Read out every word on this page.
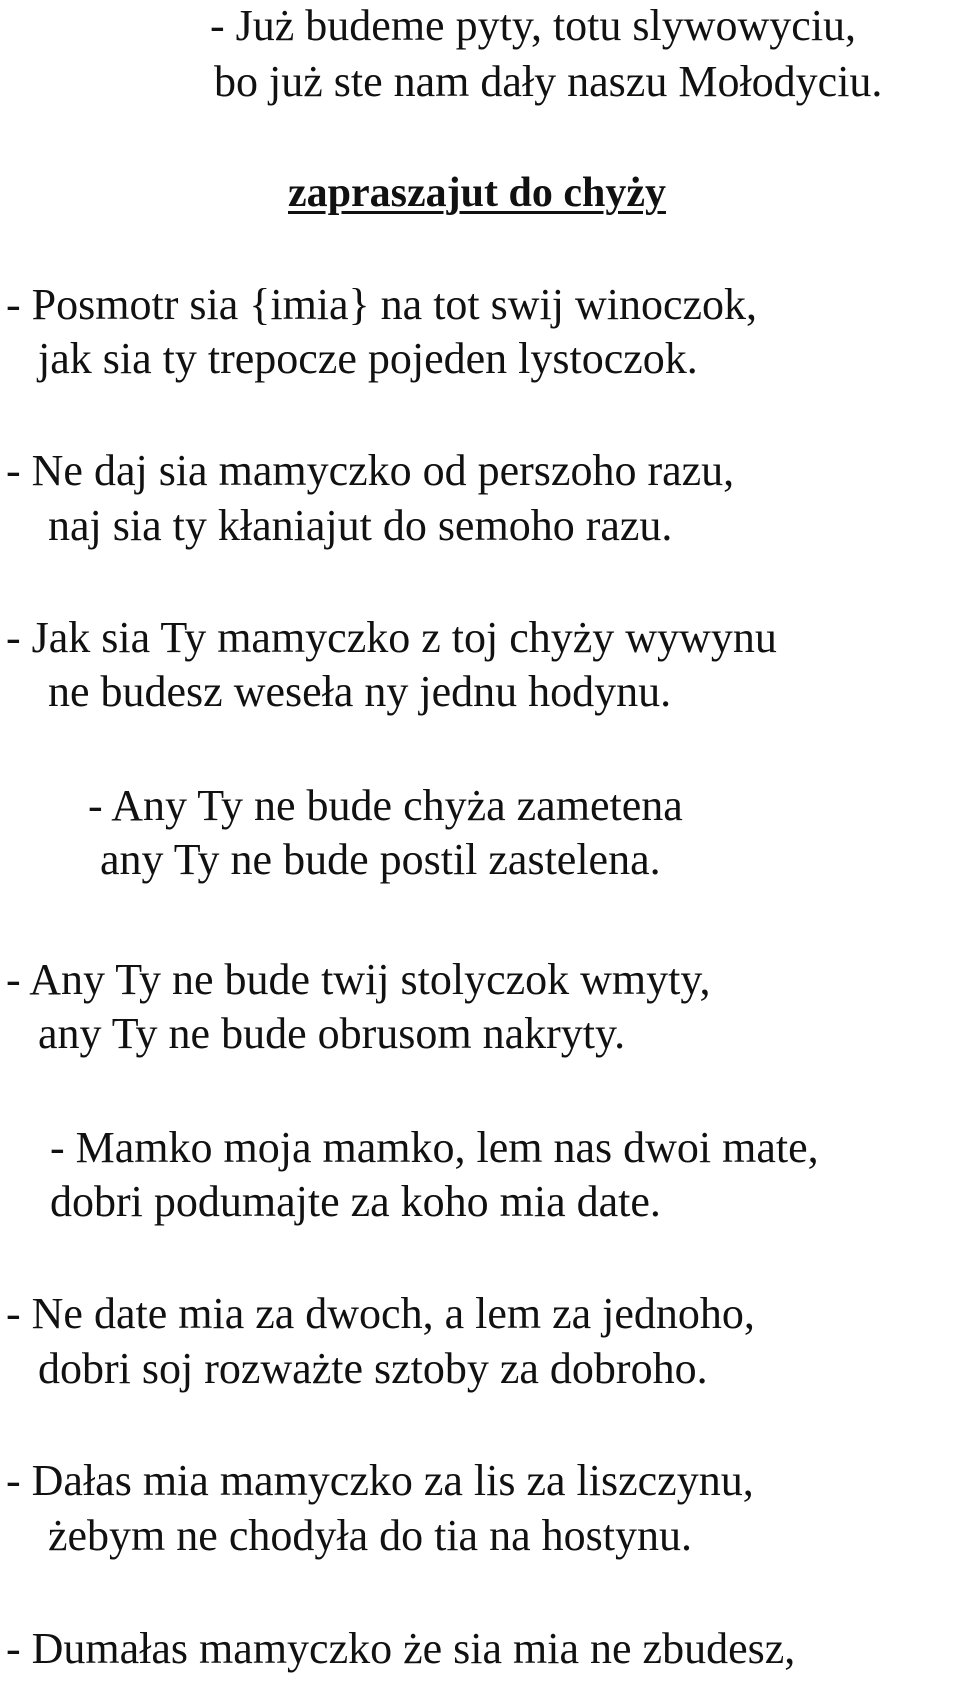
- Już budeme pyty, totu slywowyciu,

bo już ste nam dały naszu Mołodyciu.

zapraszajut do chyży

- Posmotr sia {imia} na tot swij winoczok,

jak sia ty trepocze pojeden lystoczok.

- Ne daj sia mamyczko od perszoho razu,

naj sia ty kłaniajut do semoho razu.

- Jak sia Ty mamyczko z toj chyży wywynu

ne budesz weseła ny jednu hodynu.

- Any Ty ne bude chyża zametena

any Ty ne bude postil zastelena.

- Any Ty ne bude twij stolyczok wmyty,

any Ty ne bude obrusom nakryty.

- Mamko moja mamko, lem nas dwoi mate,

dobri podumajte za koho mia date.

- Ne date mia za dwoch, a lem za jednoho,

dobri soj rozważte sztoby za dobroho.

- Dałas mia mamyczko za lis za liszczynu,

żebym ne chodyła do tia na hostynu.

- Dumałas mamyczko że sia mia ne zbudesz,
